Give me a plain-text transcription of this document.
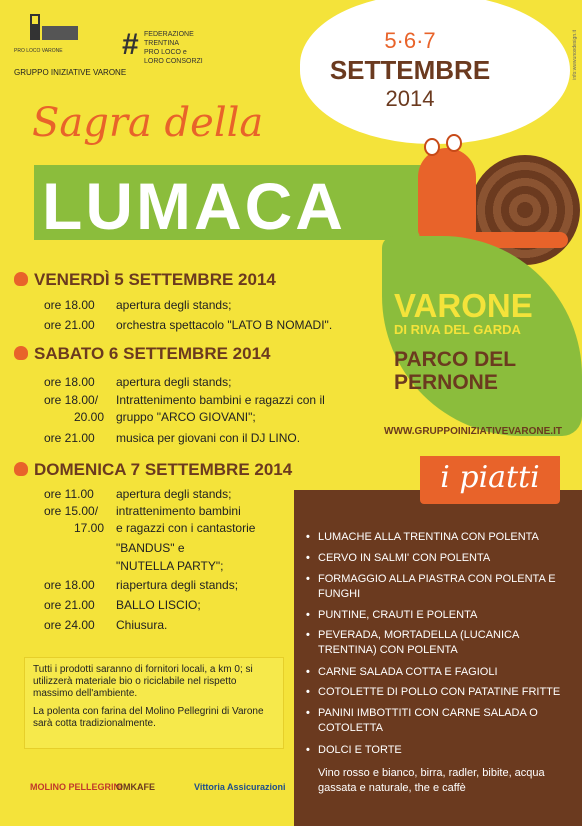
PRO LOCO VARONE
GRUPPO INIZIATIVE VARONE
# FEDERAZIONE
TRENTINA
PRO LOCO e
LORO CONSORZI
5·6·7
SETTEMBRE
2014
info:wwwunoxdesign.it
Sagra della
LUMACA
VARONE
DI RIVA DEL GARDA
PARCO DEL PERNONE
WWW.GRUPPOINIZIATIVEVARONE.IT
VENERDÌ 5 SETTEMBRE 2014
ore 18.00 apertura degli stands;
ore 21.00 orchestra spettacolo "LATO B NOMADI".
SABATO 6 SETTEMBRE 2014
ore 18.00 apertura degli stands;
ore 18.00/ Intrattenimento bambini e ragazzi con il
20.00 gruppo "ARCO GIOVANI";
ore 21.00 musica per giovani con il DJ LINO.
DOMENICA 7 SETTEMBRE 2014
ore 11.00 apertura degli stands;
ore 15.00/ intrattenimento bambini
17.00 e ragazzi con i cantastorie
"BANDUS" e
"NUTELLA PARTY";
ore 18.00 riapertura degli stands;
ore 21.00 BALLO LISCIO;
ore 24.00 Chiusura.

Tutti i prodotti saranno di fornitori locali, a km 0; si utilizzerà materiale bio o riciclabile nel rispetto massimo dell'ambiente.

La polenta con farina del Molino Pellegrini di Varone sarà cotta tradizionalmente.

MOLINO PELLEGRINI
OMKAFE	Vittoria Assicurazioni
i piatti
• LUMACHE ALLA TRENTINA CON POLENTA
• CERVO IN SALMI' CON POLENTA
• FORMAGGIO ALLA PIASTRA CON POLENTA E FUNGHI
• PUNTINE, CRAUTI E POLENTA
• PEVERADA, MORTADELLA (LUCANICA TRENTINA) CON POLENTA
• CARNE SALADA COTTA E FAGIOLI
• COTOLETTE DI POLLO CON PATATINE FRITTE
• PANINI IMBOTTITI CON CARNE SALADA O COTOLETTA
• DOLCI E TORTE
Vino rosso e bianco, birra, radler, bibite, acqua gassata e naturale, the e caffè
